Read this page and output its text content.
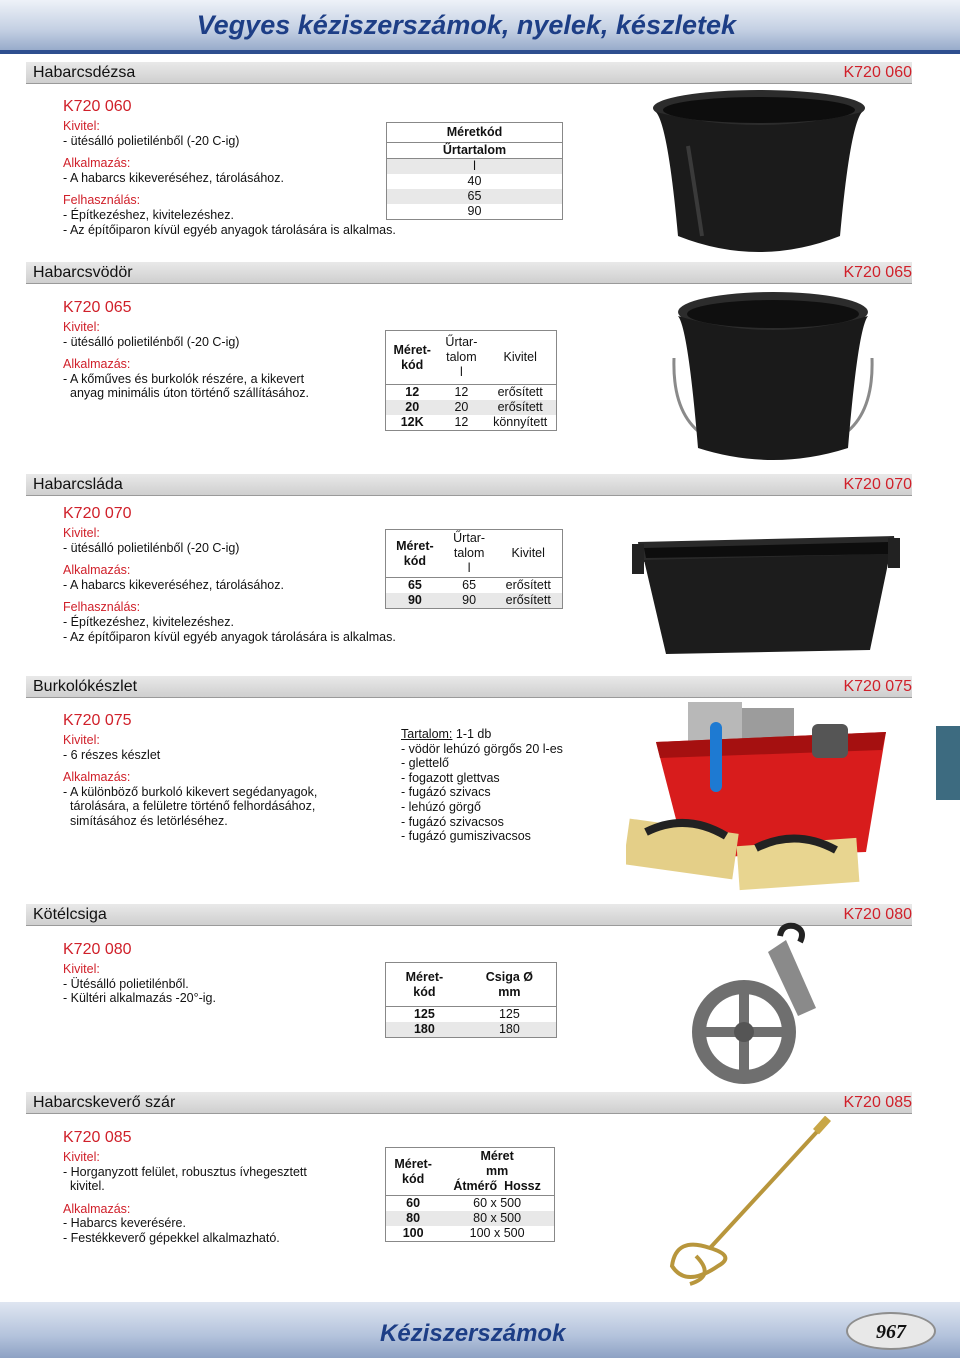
Vegyes kéziszerszámok, nyelek, készletek
Habarcsdézsa	K720 060
K720 060
Kivitel:
- ütésálló polietilénből (-20 C-ig)
Alkalmazás:
- A habarcs kikeveréséhez, tárolásához.
Felhasználás:
- Építkezéshez, kivitelezéshez.
- Az építőiparon kívül egyéb anyagok tárolására is alkalmas.
Méretkód
Űrtartalom
l
40
65
90
Habarcsvödör	K720 065
K720 065
Kivitel:
- ütésálló polietilénből (-20 C-ig)
Alkalmazás:
- A kőműves és burkolók részére, a kikevert
anyag minimális úton történő szállításához.
Méret-
kód	Űrtar-
talom
l	Kivitel
12	12	erősített
20	20	erősített
12K	12	könnyített
Habarcsláda	K720 070
K720 070
Kivitel:
- ütésálló polietilénből (-20 C-ig)
Alkalmazás:
- A habarcs kikeveréséhez, tárolásához.
Felhasználás:
- Építkezéshez, kivitelezéshez.
- Az építőiparon kívül egyéb anyagok tárolására is alkalmas.
Méret-
kód	Űrtar-
talom
l	Kivitel
65	65	erősített
90	90	erősített
Burkolókészlet	K720 075
K720 075
Kivitel:
- 6 részes készlet
Alkalmazás:
- A különböző burkoló kikevert segédanyagok,
tárolására, a felületre történő felhordásához,
simításához és letörléséhez.
Tartalom: 1-1 db
- vödör lehúzó görgős 20 l-es
- glettelő
- fogazott glettvas
- fugázó szivacs
- lehúzó görgő
- fugázó szivacsos
- fugázó gumiszivacsos
Kötélcsiga	K720 080
K720 080
Kivitel:
- Ütésálló polietilénből.
- Kültéri alkalmazás -20°-ig.
Méret-
kód	Csiga Ø
mm
125	125
180	180
Habarcskeverő szár	K720 085
K720 085
Kivitel:
- Horganyzott felület, robusztus ívhegesztett
kivitel.
Alkalmazás:
- Habarcs keverésére.
- Festékkeverő gépekkel alkalmazható.
Méret-
kód	Méret
mm
Átmérő Hossz
60	60 x 500
80	80 x 500
100	100 x 500
Kéziszerszámok	967
